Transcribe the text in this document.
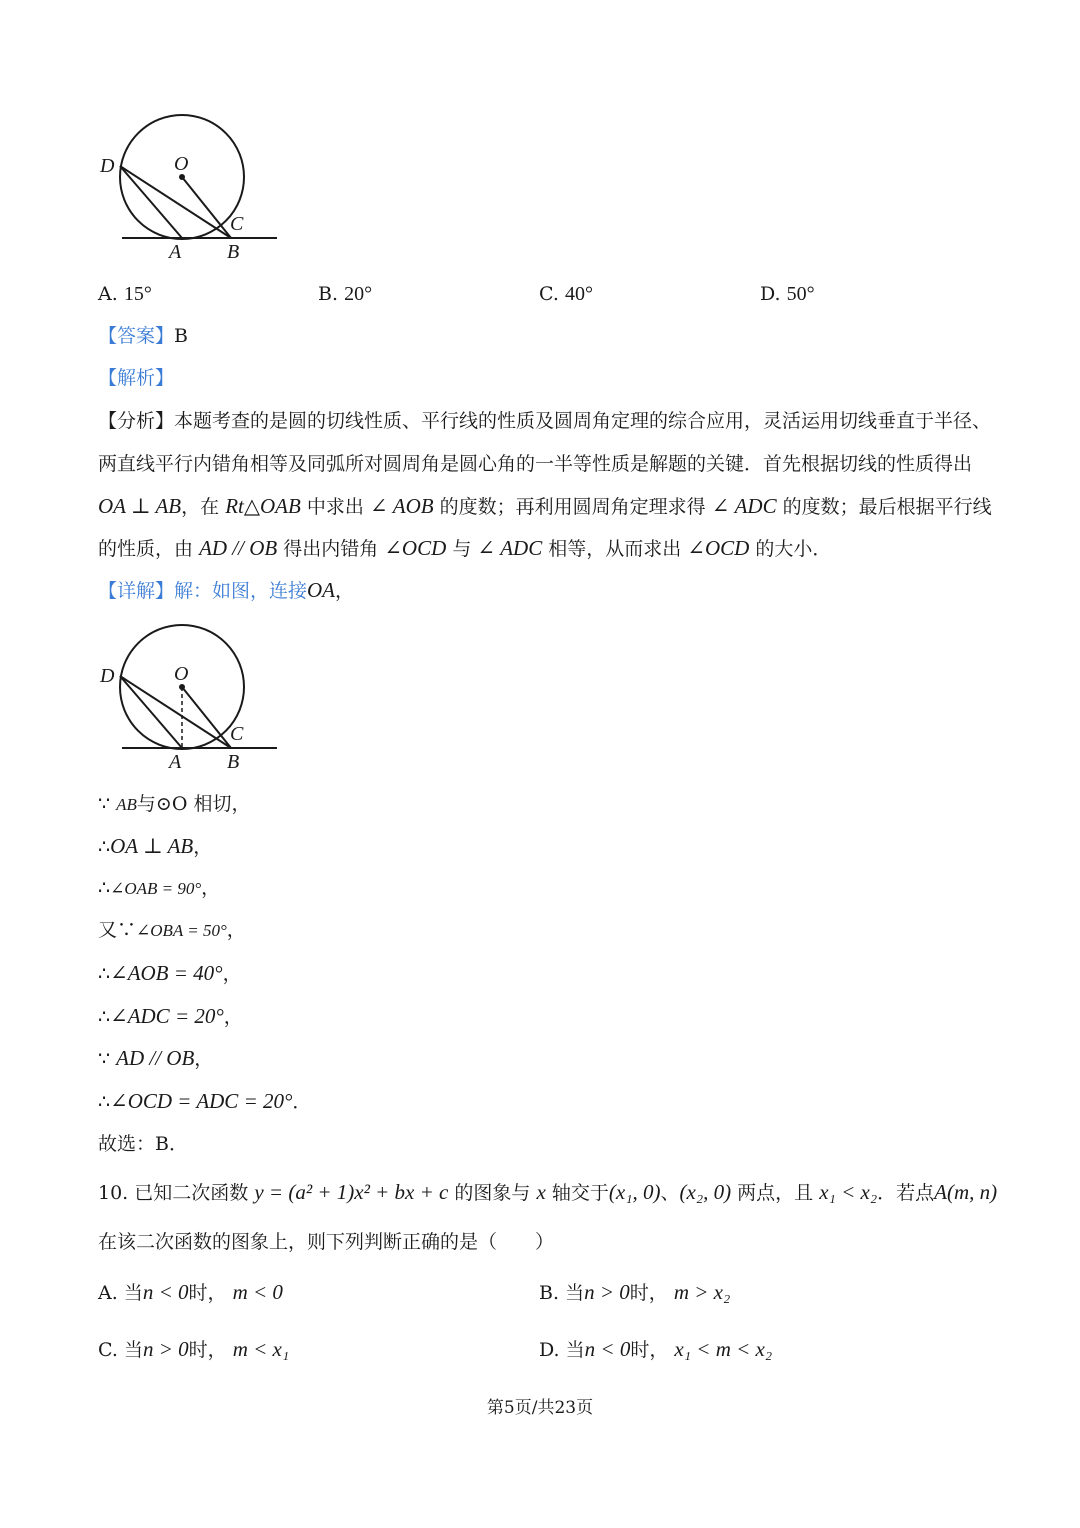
D	O
C
A B
A. 15°	B. 20°	C. 40°	D. 50°
【答案】B
【解析】
【分析】本题考查的是圆的切线性质、平行线的性质及圆周角定理的综合应用，灵活运用切线垂直于半径、
两直线平行内错角相等及同弧所对圆周角是圆心角的一半等性质是解题的关键．首先根据切线的性质得出
OA ⊥ AB，在 Rt△OAB 中求出 ∠ AOB 的度数；再利用圆周角定理求得 ∠ ADC 的度数；最后根据平行线
的性质，由 AD // OB 得出内错角 ∠OCD 与 ∠ ADC 相等，从而求出 ∠OCD 的大小．
【详解】解：如图，连接OA，
D	O
C
A B
∵ AB与⊙O 相切，
∴OA ⊥ AB，
∴∠OAB = 90°，
又∵∠OBA = 50°，
∴∠AOB = 40°，
∴∠ADC = 20°，
∵ AD // OB，
∴∠OCD = ADC = 20°．
故选：B．
10. 已知二次函数 y = (a² + 1)x² + bx + c 的图象与 x 轴交于(x₁, 0)、(x₂, 0) 两点，且 x₁ < x₂．若点A(m, n)
在该二次函数的图象上，则下列判断正确的是（　　）
A. 当n < 0时， m < 0	B. 当n > 0时， m > x₂
C. 当n > 0时， m < x₁	D. 当n < 0时， x₁ < m < x₂
第5页/共23页
